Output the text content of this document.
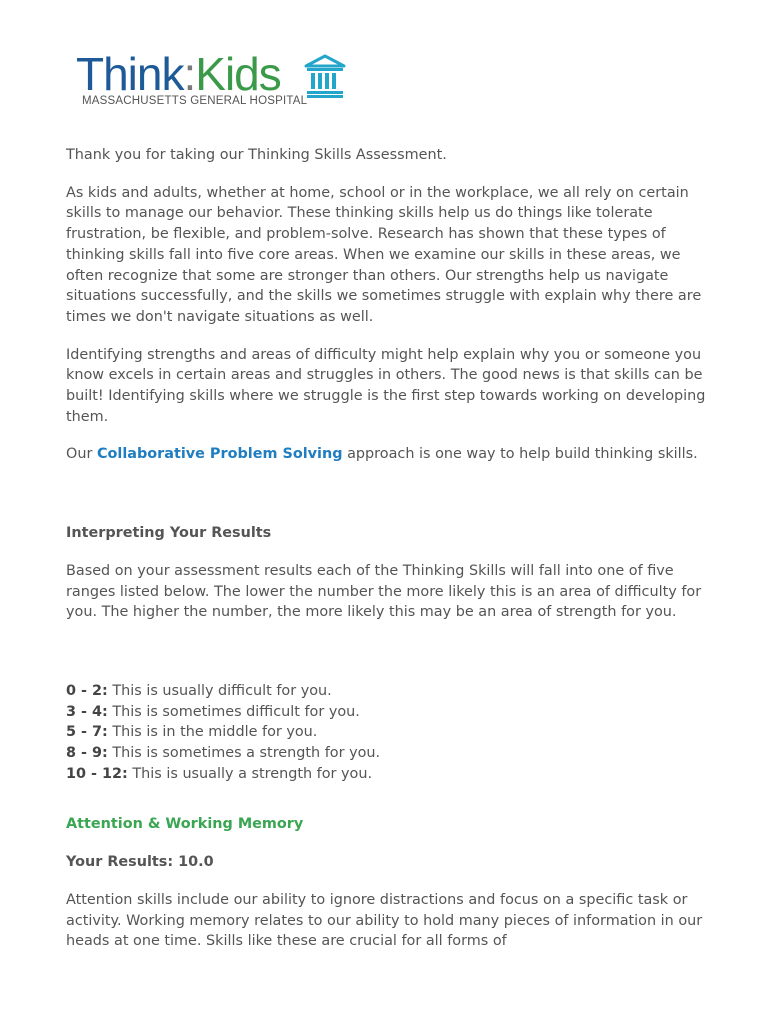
Think:Kids
MASSACHUSETTS GENERAL HOSPITAL

Thank you for taking our Thinking Skills Assessment.

As kids and adults, whether at home, school or in the workplace, we all rely on certain skills to manage our behavior. These thinking skills help us do things like tolerate frustration, be flexible, and problem-solve. Research has shown that these types of thinking skills fall into five core areas. When we examine our skills in these areas, we often recognize that some are stronger than others. Our strengths help us navigate situations successfully, and the skills we sometimes struggle with explain why there are times we don't navigate situations as well.

Identifying strengths and areas of difficulty might help explain why you or someone you know excels in certain areas and struggles in others. The good news is that skills can be built! Identifying skills where we struggle is the first step towards working on developing them.

Our Collaborative Problem Solving approach is one way to help build thinking skills.

Interpreting Your Results

Based on your assessment results each of the Thinking Skills will fall into one of five ranges listed below. The lower the number the more likely this is an area of difficulty for you. The higher the number, the more likely this may be an area of strength for you.

0 - 2: This is usually difficult for you.

3 - 4: This is sometimes difficult for you.

5 - 7: This is in the middle for you.

8 - 9: This is sometimes a strength for you.

10 - 12: This is usually a strength for you.

Attention & Working Memory

Your Results: 10.0

Attention skills include our ability to ignore distractions and focus on a specific task or activity. Working memory relates to our ability to hold many pieces of information in our heads at one time. Skills like these are crucial for all forms of
